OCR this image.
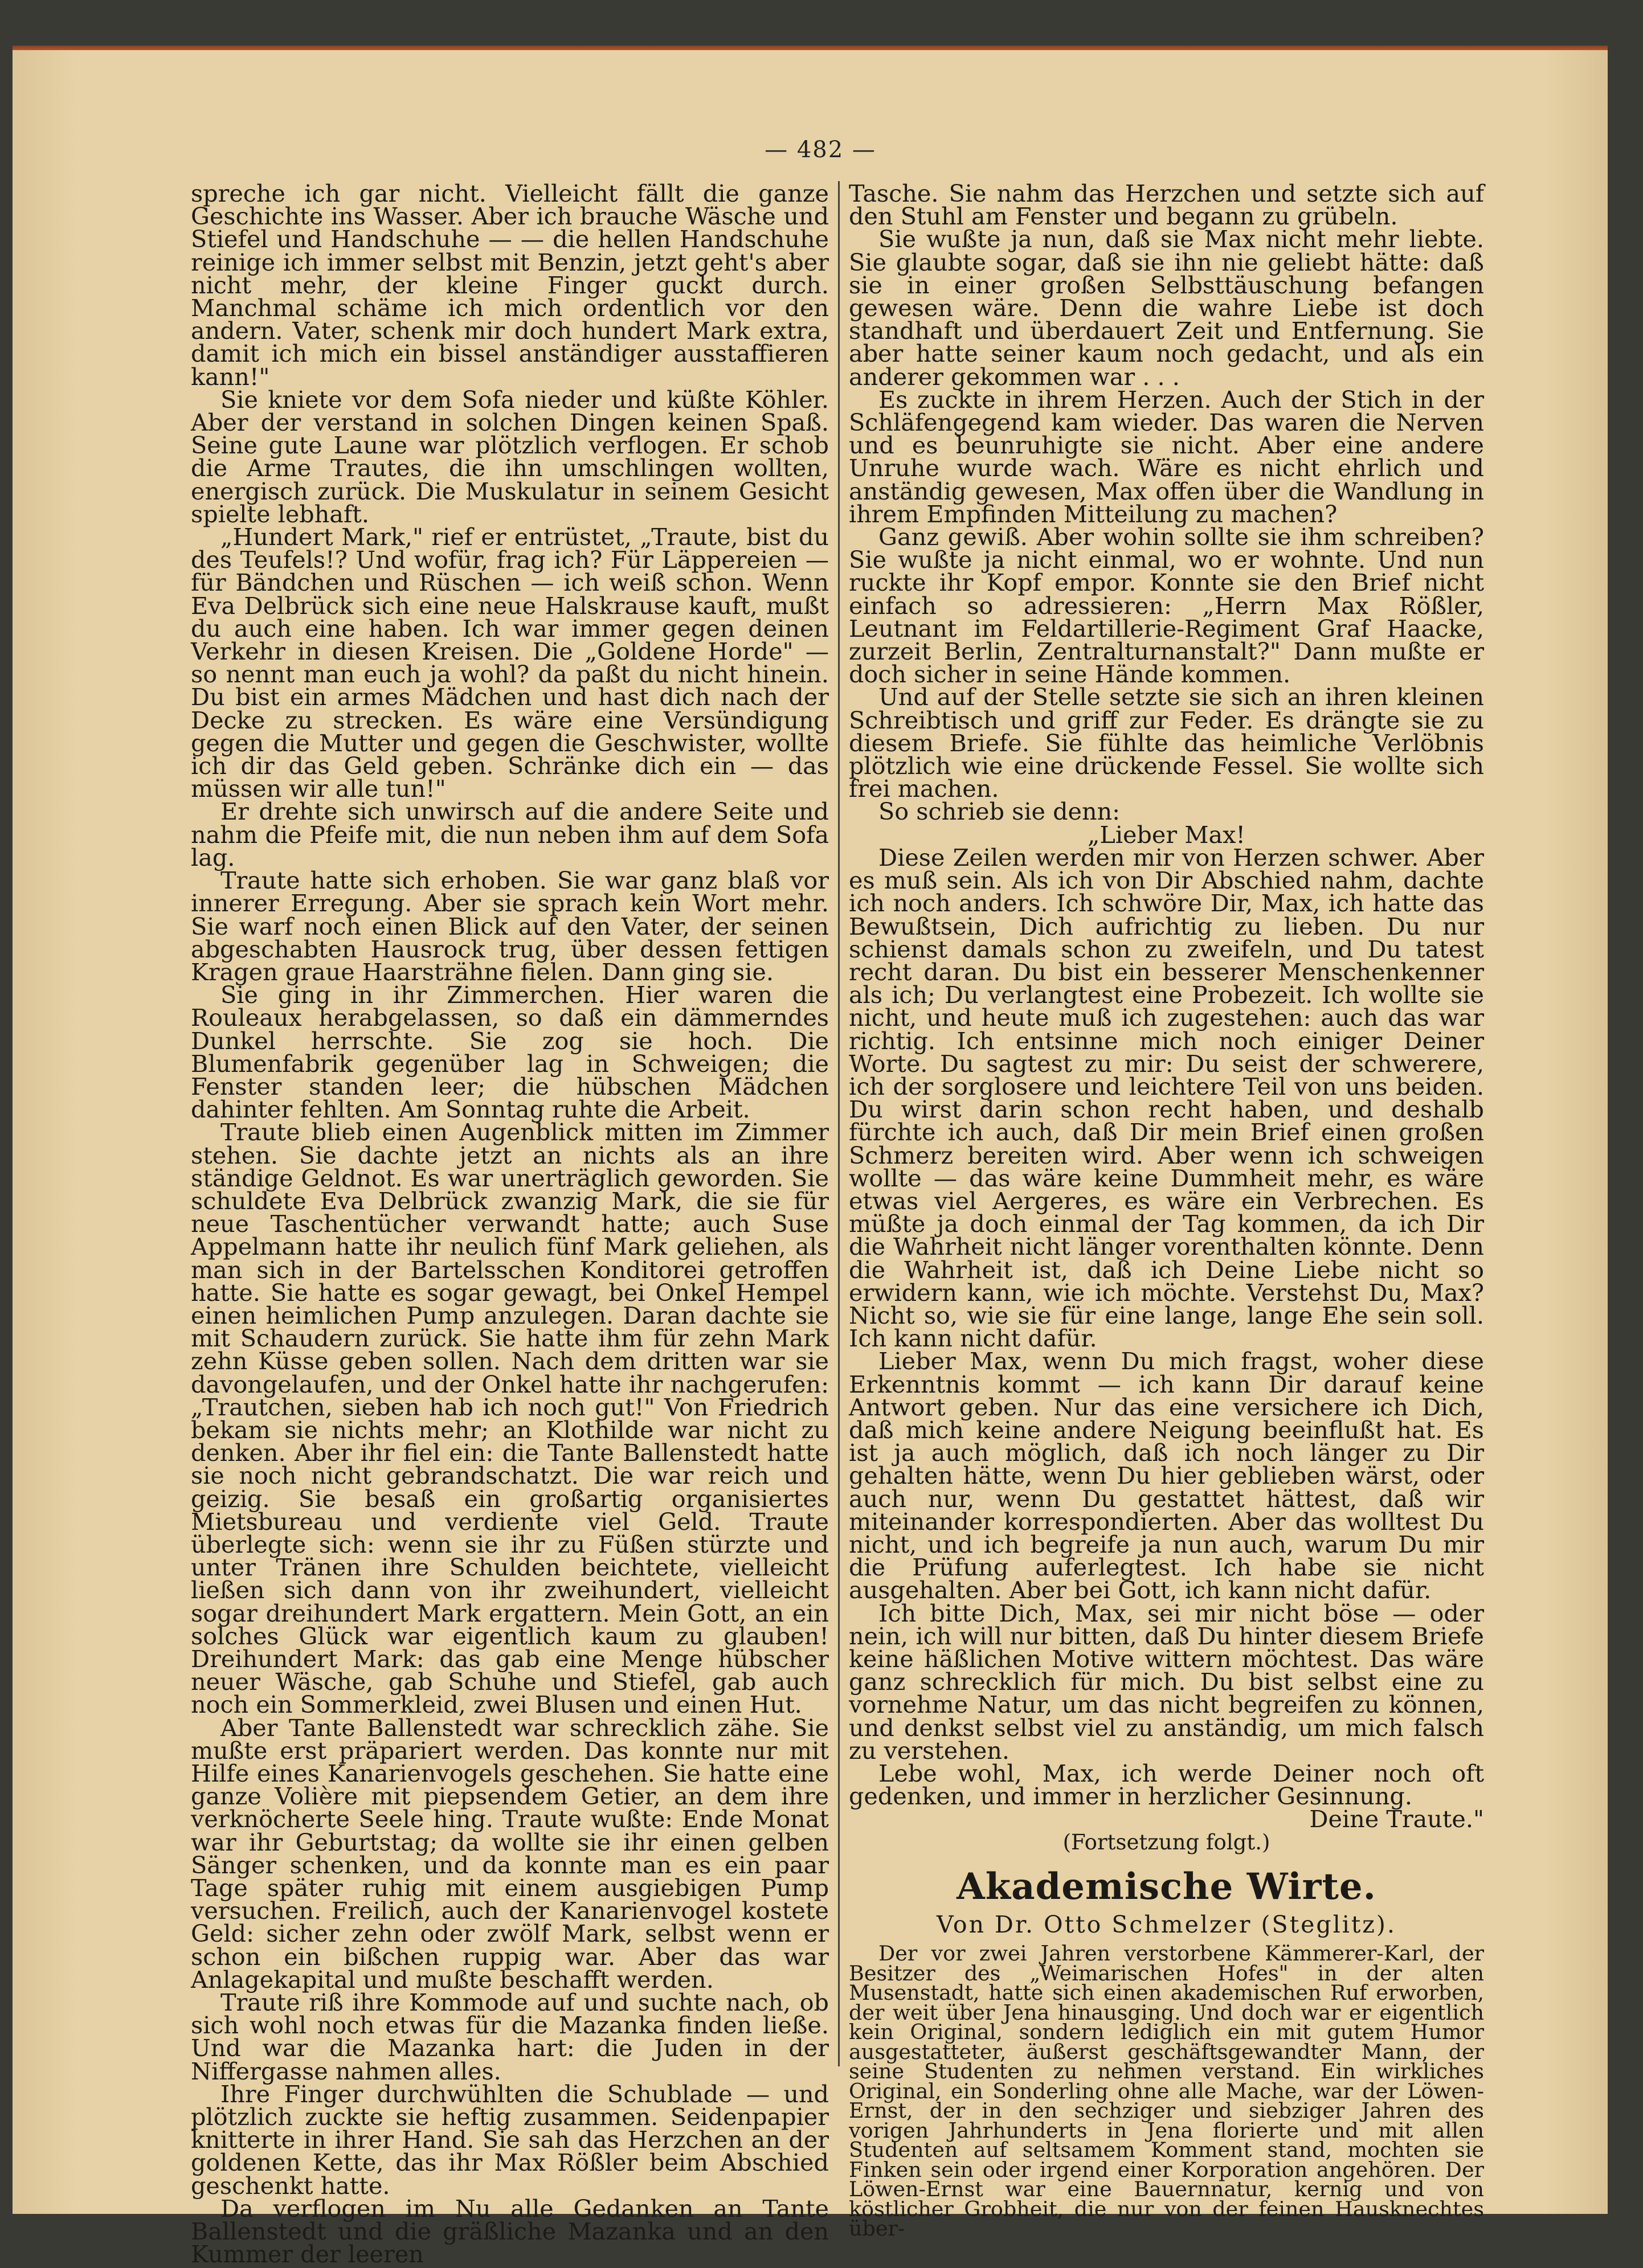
— 482 —

spreche ich gar nicht. Vielleicht fällt die ganze Geschichte ins Wasser. Aber ich brauche Wäsche und Stiefel und Handschuhe — — die hellen Handschuhe reinige ich immer selbst mit Benzin, jetzt geht's aber nicht mehr, der kleine Finger guckt durch. Manchmal schäme ich mich ordentlich vor den andern. Vater, schenk mir doch hundert Mark extra, damit ich mich ein bissel anständiger ausstaffieren kann!"

Sie kniete vor dem Sofa nieder und küßte Köhler. Aber der verstand in solchen Dingen keinen Spaß. Seine gute Laune war plötzlich verflogen. Er schob die Arme Trautes, die ihn umschlingen wollten, energisch zurück. Die Muskulatur in seinem Gesicht spielte lebhaft.

„Hundert Mark," rief er entrüstet, „Traute, bist du des Teufels!? Und wofür, frag ich? Für Läppereien — für Bändchen und Rüschen — ich weiß schon. Wenn Eva Delbrück sich eine neue Halskrause kauft, mußt du auch eine haben. Ich war immer gegen deinen Verkehr in diesen Kreisen. Die „Goldene Horde" — so nennt man euch ja wohl? da paßt du nicht hinein. Du bist ein armes Mädchen und hast dich nach der Decke zu strecken. Es wäre eine Versündigung gegen die Mutter und gegen die Geschwister, wollte ich dir das Geld geben. Schränke dich ein — das müssen wir alle tun!"

Er drehte sich unwirsch auf die andere Seite und nahm die Pfeife mit, die nun neben ihm auf dem Sofa lag.

Traute hatte sich erhoben. Sie war ganz blaß vor innerer Erregung. Aber sie sprach kein Wort mehr. Sie warf noch einen Blick auf den Vater, der seinen abgeschabten Hausrock trug, über dessen fettigen Kragen graue Haarsträhne fielen. Dann ging sie.

Sie ging in ihr Zimmerchen. Hier waren die Rouleaux herabgelassen, so daß ein dämmerndes Dunkel herrschte. Sie zog sie hoch. Die Blumenfabrik gegenüber lag in Schweigen; die Fenster standen leer; die hübschen Mädchen dahinter fehlten. Am Sonntag ruhte die Arbeit.

Traute blieb einen Augenblick mitten im Zimmer stehen. Sie dachte jetzt an nichts als an ihre ständige Geldnot. Es war unerträglich geworden. Sie schuldete Eva Delbrück zwanzig Mark, die sie für neue Taschentücher verwandt hatte; auch Suse Appelmann hatte ihr neulich fünf Mark geliehen, als man sich in der Bartelsschen Konditorei getroffen hatte. Sie hatte es sogar gewagt, bei Onkel Hempel einen heimlichen Pump anzulegen. Daran dachte sie mit Schaudern zurück. Sie hatte ihm für zehn Mark zehn Küsse geben sollen. Nach dem dritten war sie davongelaufen, und der Onkel hatte ihr nachgerufen: „Trautchen, sieben hab ich noch gut!" Von Friedrich bekam sie nichts mehr; an Klothilde war nicht zu denken. Aber ihr fiel ein: die Tante Ballenstedt hatte sie noch nicht gebrandschatzt. Die war reich und geizig. Sie besaß ein großartig organisiertes Mietsbureau und verdiente viel Geld. Traute überlegte sich: wenn sie ihr zu Füßen stürzte und unter Tränen ihre Schulden beichtete, vielleicht ließen sich dann von ihr zweihundert, vielleicht sogar dreihundert Mark ergattern. Mein Gott, an ein solches Glück war eigentlich kaum zu glauben! Dreihundert Mark: das gab eine Menge hübscher neuer Wäsche, gab Schuhe und Stiefel, gab auch noch ein Sommerkleid, zwei Blusen und einen Hut.

Aber Tante Ballenstedt war schrecklich zähe. Sie mußte erst präpariert werden. Das konnte nur mit Hilfe eines Kanarienvogels geschehen. Sie hatte eine ganze Volière mit piepsendem Getier, an dem ihre verknöcherte Seele hing. Traute wußte: Ende Monat war ihr Geburtstag; da wollte sie ihr einen gelben Sänger schenken, und da konnte man es ein paar Tage später ruhig mit einem ausgiebigen Pump versuchen. Freilich, auch der Kanarienvogel kostete Geld: sicher zehn oder zwölf Mark, selbst wenn er schon ein bißchen ruppig war. Aber das war Anlagekapital und mußte beschafft werden.

Traute riß ihre Kommode auf und suchte nach, ob sich wohl noch etwas für die Mazanka finden ließe. Und war die Mazanka hart: die Juden in der Niffergasse nahmen alles.

Ihre Finger durchwühlten die Schublade — und plötzlich zuckte sie heftig zusammen. Seidenpapier knitterte in ihrer Hand. Sie sah das Herzchen an der goldenen Kette, das ihr Max Rößler beim Abschied geschenkt hatte.

Da verflogen im Nu alle Gedanken an Tante Ballenstedt und die gräßliche Mazanka und an den Kummer der leeren

Tasche. Sie nahm das Herzchen und setzte sich auf den Stuhl am Fenster und begann zu grübeln.

Sie wußte ja nun, daß sie Max nicht mehr liebte. Sie glaubte sogar, daß sie ihn nie geliebt hätte: daß sie in einer großen Selbsttäuschung befangen gewesen wäre. Denn die wahre Liebe ist doch standhaft und überdauert Zeit und Entfernung. Sie aber hatte seiner kaum noch gedacht, und als ein anderer gekommen war . . .

Es zuckte in ihrem Herzen. Auch der Stich in der Schläfengegend kam wieder. Das waren die Nerven und es beunruhigte sie nicht. Aber eine andere Unruhe wurde wach. Wäre es nicht ehrlich und anständig gewesen, Max offen über die Wandlung in ihrem Empfinden Mitteilung zu machen?

Ganz gewiß. Aber wohin sollte sie ihm schreiben? Sie wußte ja nicht einmal, wo er wohnte. Und nun ruckte ihr Kopf empor. Konnte sie den Brief nicht einfach so adressieren: „Herrn Max Rößler, Leutnant im Feldartillerie-Regiment Graf Haacke, zurzeit Berlin, Zentralturnanstalt?" Dann mußte er doch sicher in seine Hände kommen.

Und auf der Stelle setzte sie sich an ihren kleinen Schreibtisch und griff zur Feder. Es drängte sie zu diesem Briefe. Sie fühlte das heimliche Verlöbnis plötzlich wie eine drückende Fessel. Sie wollte sich frei machen.

So schrieb sie denn:

„Lieber Max!

Diese Zeilen werden mir von Herzen schwer. Aber es muß sein. Als ich von Dir Abschied nahm, dachte ich noch anders. Ich schwöre Dir, Max, ich hatte das Bewußtsein, Dich aufrichtig zu lieben. Du nur schienst damals schon zu zweifeln, und Du tatest recht daran. Du bist ein besserer Menschenkenner als ich; Du verlangtest eine Probezeit. Ich wollte sie nicht, und heute muß ich zugestehen: auch das war richtig. Ich entsinne mich noch einiger Deiner Worte. Du sagtest zu mir: Du seist der schwerere, ich der sorglosere und leichtere Teil von uns beiden. Du wirst darin schon recht haben, und deshalb fürchte ich auch, daß Dir mein Brief einen großen Schmerz bereiten wird. Aber wenn ich schweigen wollte — das wäre keine Dummheit mehr, es wäre etwas viel Aergeres, es wäre ein Verbrechen. Es müßte ja doch einmal der Tag kommen, da ich Dir die Wahrheit nicht länger vorenthalten könnte. Denn die Wahrheit ist, daß ich Deine Liebe nicht so erwidern kann, wie ich möchte. Verstehst Du, Max? Nicht so, wie sie für eine lange, lange Ehe sein soll. Ich kann nicht dafür.

Lieber Max, wenn Du mich fragst, woher diese Erkenntnis kommt — ich kann Dir darauf keine Antwort geben. Nur das eine versichere ich Dich, daß mich keine andere Neigung beeinflußt hat. Es ist ja auch möglich, daß ich noch länger zu Dir gehalten hätte, wenn Du hier geblieben wärst, oder auch nur, wenn Du gestattet hättest, daß wir miteinander korrespondierten. Aber das wolltest Du nicht, und ich begreife ja nun auch, warum Du mir die Prüfung auferlegtest. Ich habe sie nicht ausgehalten. Aber bei Gott, ich kann nicht dafür.

Ich bitte Dich, Max, sei mir nicht böse — oder nein, ich will nur bitten, daß Du hinter diesem Briefe keine häßlichen Motive wittern möchtest. Das wäre ganz schrecklich für mich. Du bist selbst eine zu vornehme Natur, um das nicht begreifen zu können, und denkst selbst viel zu anständig, um mich falsch zu verstehen.

Lebe wohl, Max, ich werde Deiner noch oft gedenken, und immer in herzlicher Gesinnung.

Deine Traute."

(Fortsetzung folgt.)

Akademische Wirte.

Von Dr. Otto Schmelzer (Steglitz).

Der vor zwei Jahren verstorbene Kämmerer-Karl, der Besitzer des „Weimarischen Hofes" in der alten Musenstadt, hatte sich einen akademischen Ruf erworben, der weit über Jena hinausging. Und doch war er eigentlich kein Original, sondern lediglich ein mit gutem Humor ausgestatteter, äußerst geschäftsgewandter Mann, der seine Studenten zu nehmen verstand. Ein wirkliches Original, ein Sonderling ohne alle Mache, war der Löwen-Ernst, der in den sechziger und siebziger Jahren des vorigen Jahrhunderts in Jena florierte und mit allen Studenten auf seltsamem Komment stand, mochten sie Finken sein oder irgend einer Korporation angehören. Der Löwen-Ernst war eine Bauernnatur, kernig und von köstlicher Grobheit, die nur von der feinen Hausknechtes über-
